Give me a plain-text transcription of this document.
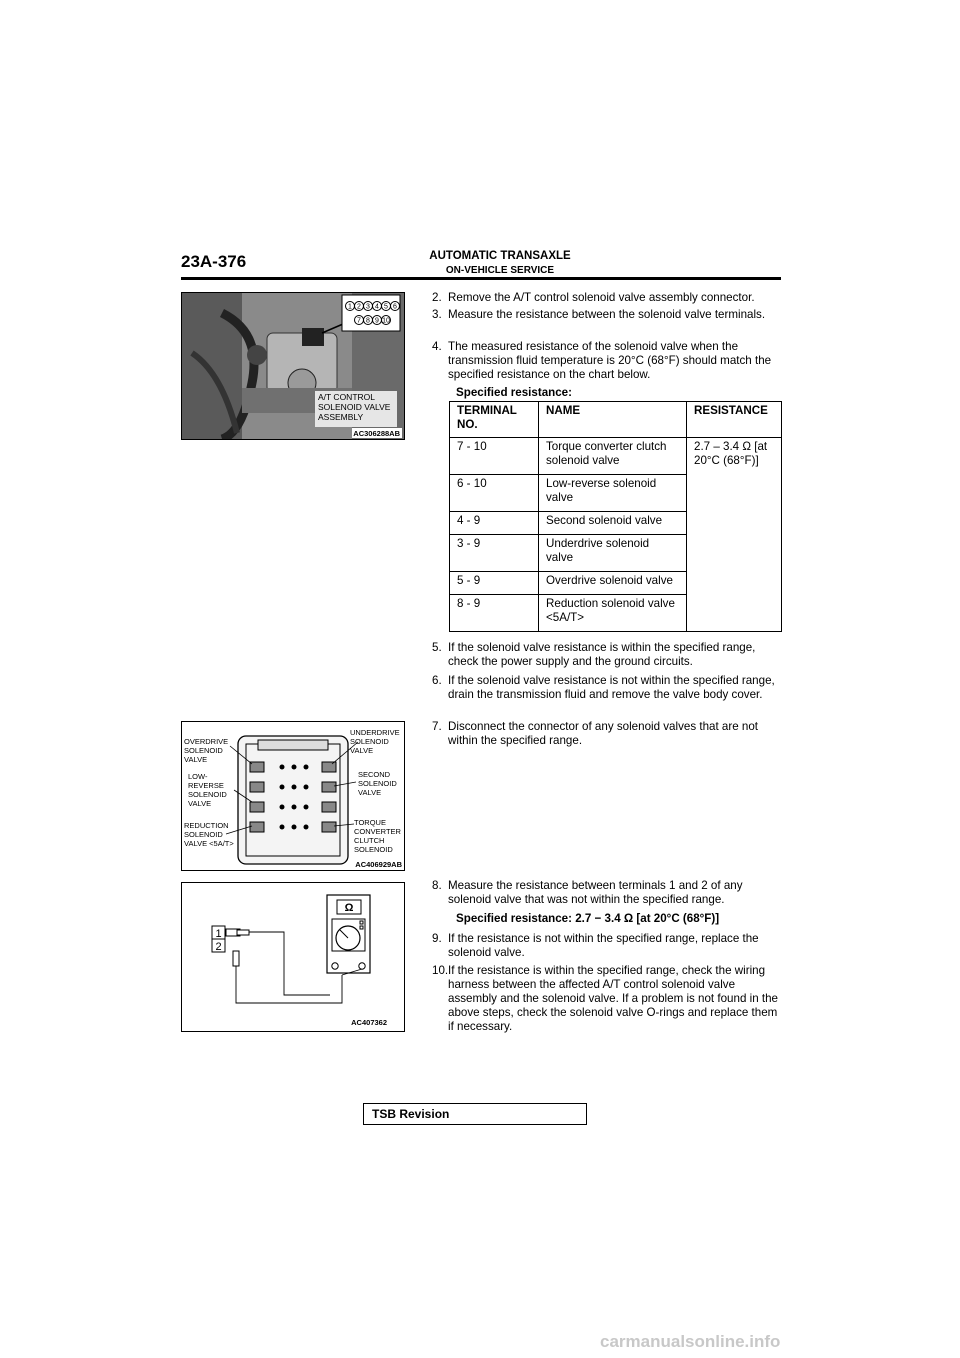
23A-376	AUTOMATIC TRANSAXLE
ON-VEHICLE SERVICE
1 2 3 4 5 6
7 8 9 10
A/T CONTROL
SOLENOID VALVE
ASSEMBLY
AC306288AB
2. Remove the A/T control solenoid valve assembly connector.
3. Measure the resistance between the solenoid valve terminals.
4. The measured resistance of the solenoid valve when the transmission fluid temperature is 20°C (68°F) should match the specified resistance on the chart below.
Specified resistance:
TERMINAL NO.	NAME	RESISTANCE
7 - 10	Torque converter clutch solenoid valve	2.7 – 3.4 Ω [at 20°C (68°F)]
6 - 10	Low-reverse solenoid valve	
4 - 9	Second solenoid valve	
3 - 9	Underdrive solenoid valve	
5 - 9	Overdrive solenoid valve	
8 - 9	Reduction solenoid valve <5A/T>	
5. If the solenoid valve resistance is within the specified range, check the power supply and the ground circuits.
6. If the solenoid valve resistance is not within the specified range, drain the transmission fluid and remove the valve body cover.
7. Disconnect the connector of any solenoid valves that are not within the specified range.
OVERDRIVE
SOLENOID
VALVE
LOW-
REVERSE
SOLENOID
VALVE
REDUCTION
SOLENOID
VALVE <5A/T>
UNDERDRIVE
SOLENOID
VALVE
SECOND
SOLENOID
VALVE
TORQUE
CONVERTER
CLUTCH
SOLENOID
AC406929AB
1
2
Ω
AC407362
8. Measure the resistance between terminals 1 and 2 of any solenoid valve that was not within the specified range.
Specified resistance: 2.7 − 3.4 Ω [at 20°C (68°F)]
9. If the resistance is not within the specified range, replace the solenoid valve.
10. If the resistance is within the specified range, check the wiring harness between the affected A/T control solenoid valve assembly and the solenoid valve. If a problem is not found in the above steps, check the solenoid valve O-rings and replace them if necessary.
TSB Revision
carmanualsonline.info
